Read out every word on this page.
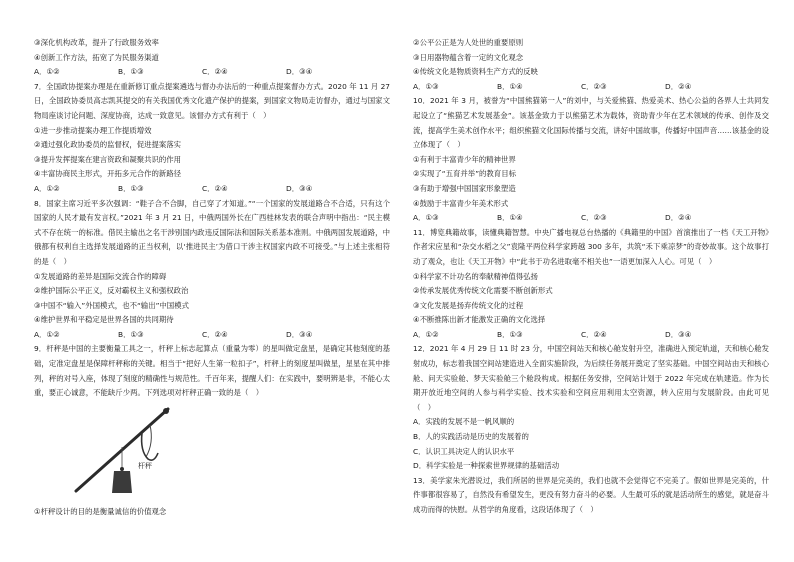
③深化机构改革，提升了行政服务效率
④创新工作方法，拓宽了为民服务渠道
A．①②	B．①③	C．②④	D．③④
7．全国政协提案办理是在重新修订重点提案遴选与督办办法后的一种重点提案督办方式。2020 年 11 月 27 日，全国政协委员高志凯其提交的有关我国优秀文化遗产保护的提案，到国家文物局走访督办，通过与国家文物局座谈讨论问题、深度协商，达成一致意见。该督办方式有利于（　）
①进一步推动提案办理工作提质增效
②通过强化政协委员的监督权，促进提案落实
③提升发挥提案在建言资政和凝聚共识的作用
④丰富协商民主形式，开拓多元合作的新路径
A．①②	B．①③	C．②④	D．③④
8．国家主席习近平多次强调：“鞋子合不合脚，自己穿了才知道。”“一个国家的发展道路合不合适，只有这个国家的人民才最有发言权。”2021 年 3 月 21 日，中俄两国外长在广西桂林发表的联合声明中指出：“民主模式不存在统一的标准。借民主输出之名干涉别国内政违反国际法和国际关系基本准则。中俄两国发展道路，中俄都有权利自主选择发展道路的正当权利，以‘推进民主’为借口干涉主权国家内政不可接受。”与上述主张相符的是（　）
①发展道路的差异是国际交流合作的障碍
②维护国际公平正义，反对霸权主义和强权政治
③中国不“输入”外国模式，也不“输出”中国模式
④维护世界和平稳定是世界各国的共同期待
A．①②	B．①③	C．②④	D．③④
9．杆秤是中国的主要衡量工具之一，杆秤上标志起算点（重量为零）的星叫做定盘星，是确定其他刻度的基础，定准定盘星是保障杆秤称的关键。相当于“把好人生第一粒扣子”，杆秤上的刻度星叫做星，星星在其中排列，秤的对号入座，体现了刻度的精确性与规范性。千百年来，提醒人们：在实践中，要明辨是非，不能心太重，要正心诚意，不能缺斤少两。下列选项对杆秤正确一致的是（　）
杆秤
①杆秤设计的目的是衡量诚信的价值观念
②公平公正是为人处世的重要原则
③日用器物蕴含着一定的文化观念
④传统文化是物质资料生产方式的反映
A．①③	B．①④	C．②③	D．②④
10．2021 年 3 月，被誉为“中国熊猫第一人”的刘中，与关爱熊猫、热爱美术、热心公益的各界人士共同发起设立了“熊猫艺术发展基金”。该基金致力于以熊猫艺术为载体，资助青少年在艺术领域的传承、创作及交流，提高学生美术创作水平；组织熊猫文化国际传播与交流，讲好中国故事，传播好中国声音……该基金的设立体现了（　）
①有利于丰富青少年的精神世界
②实现了“五育并举”的教育目标
③有助于增强中国国家形象塑造
④鼓励于丰富青少年美术形式
A．①③	B．①④	C．②③	D．②④
11．博览典籍故事，读懂典籍智慧。中央广播电视总台热播的《典籍里的中国》首演推出了一档《天工开物》作者宋应星和“杂交水稻之父”袁隆平两位科学家跨越 300 多年，共筑“禾下乘凉梦”的奇妙故事。这个故事打动了观众，也让《天工开物》中“此书于功名进取毫不相关也”一语更加深入人心。可见（　）
①科学家不计功名的奉献精神值得弘扬
②传承发展优秀传统文化需要不断创新形式
③文化发展是扬弃传统文化的过程
④不断推陈出新才能激发正确的文化选择
A．①②	B．①③	C．②④	D．③④
12．2021 年 4 月 29 日 11 时 23 分，中国空间站天和核心舱发射升空，准确进入预定轨道，天和核心舱发射成功，标志着我国空间站建造进入全面实施阶段，为后续任务展开奠定了坚实基础。中国空间站由天和核心舱、问天实验舱、梦天实验舱三个舱段构成。根据任务安排，空间站计划于 2022 年完成在轨建造。作为长期开放近地空间的人参与科学实验、技术实验和空间应用利用太空资源，转入应用与发展阶段。由此可见（　）
A．实践的发展不是一帆风顺的
B．人的实践活动是历史的发展着的
C．认识工具决定人的认识水平
D．科学实验是一种探索世界规律的基础活动
13．美学家朱光潜说过，我们所居的世界是完美的，我们也就不会觉得它不完美了。假如世界是完美的，什件事都很容易了，自然没有希望发生，更没有努力奋斗的必要。人生最可乐的就是活动所生的感觉，就是奋斗成功而得的快慰。从哲学的角度看，这段话体现了（　）
